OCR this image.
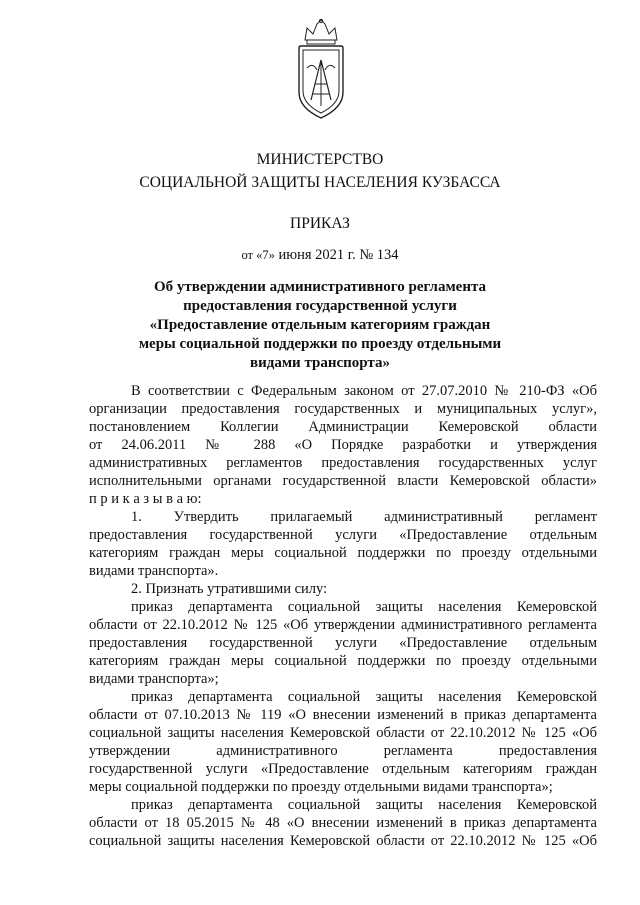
МИНИСТЕРСТВО
СОЦИАЛЬНОЙ ЗАЩИТЫ НАСЕЛЕНИЯ КУЗБАССА
ПРИКАЗ
от «7» июня 2021 г. № 134
Об утверждении административного регламента
предоставления государственной услуги
«Предоставление отдельным категориям граждан
меры социальной поддержки по проезду отдельными
видами транспорта»
В соответствии с Федеральным законом от 27.07.2010 № 210-ФЗ «Об
организации предоставления государственных и муниципальных услуг»,
постановлением Коллегии Администрации Кемеровской области
от 24.06.2011 № 288 «О Порядке разработки и утверждения
административных регламентов предоставления государственных услуг
исполнительными органами государственной власти Кемеровской области»
п р и к а з ы в а ю:
1. Утвердить прилагаемый административный регламент
предоставления государственной услуги «Предоставление отдельным
категориям граждан меры социальной поддержки по проезду отдельными
видами транспорта».
2. Признать утратившими силу:
приказ департамента социальной защиты населения Кемеровской
области от 22.10.2012 № 125 «Об утверждении административного регламента
предоставления государственной услуги «Предоставление отдельным
категориям граждан меры социальной поддержки по проезду отдельными
видами транспорта»;
приказ департамента социальной защиты населения Кемеровской
области от 07.10.2013 № 119 «О внесении изменений в приказ департамента
социальной защиты населения Кемеровской области от 22.10.2012 № 125 «Об
утверждении административного регламента предоставления
государственной услуги «Предоставление отдельным категориям граждан
меры социальной поддержки по проезду отдельными видами транспорта»;
приказ департамента социальной защиты населения Кемеровской
области от 18 05.2015 № 48 «О внесении изменений в приказ департамента
социальной защиты населения Кемеровской области от 22.10.2012 № 125 «Об
